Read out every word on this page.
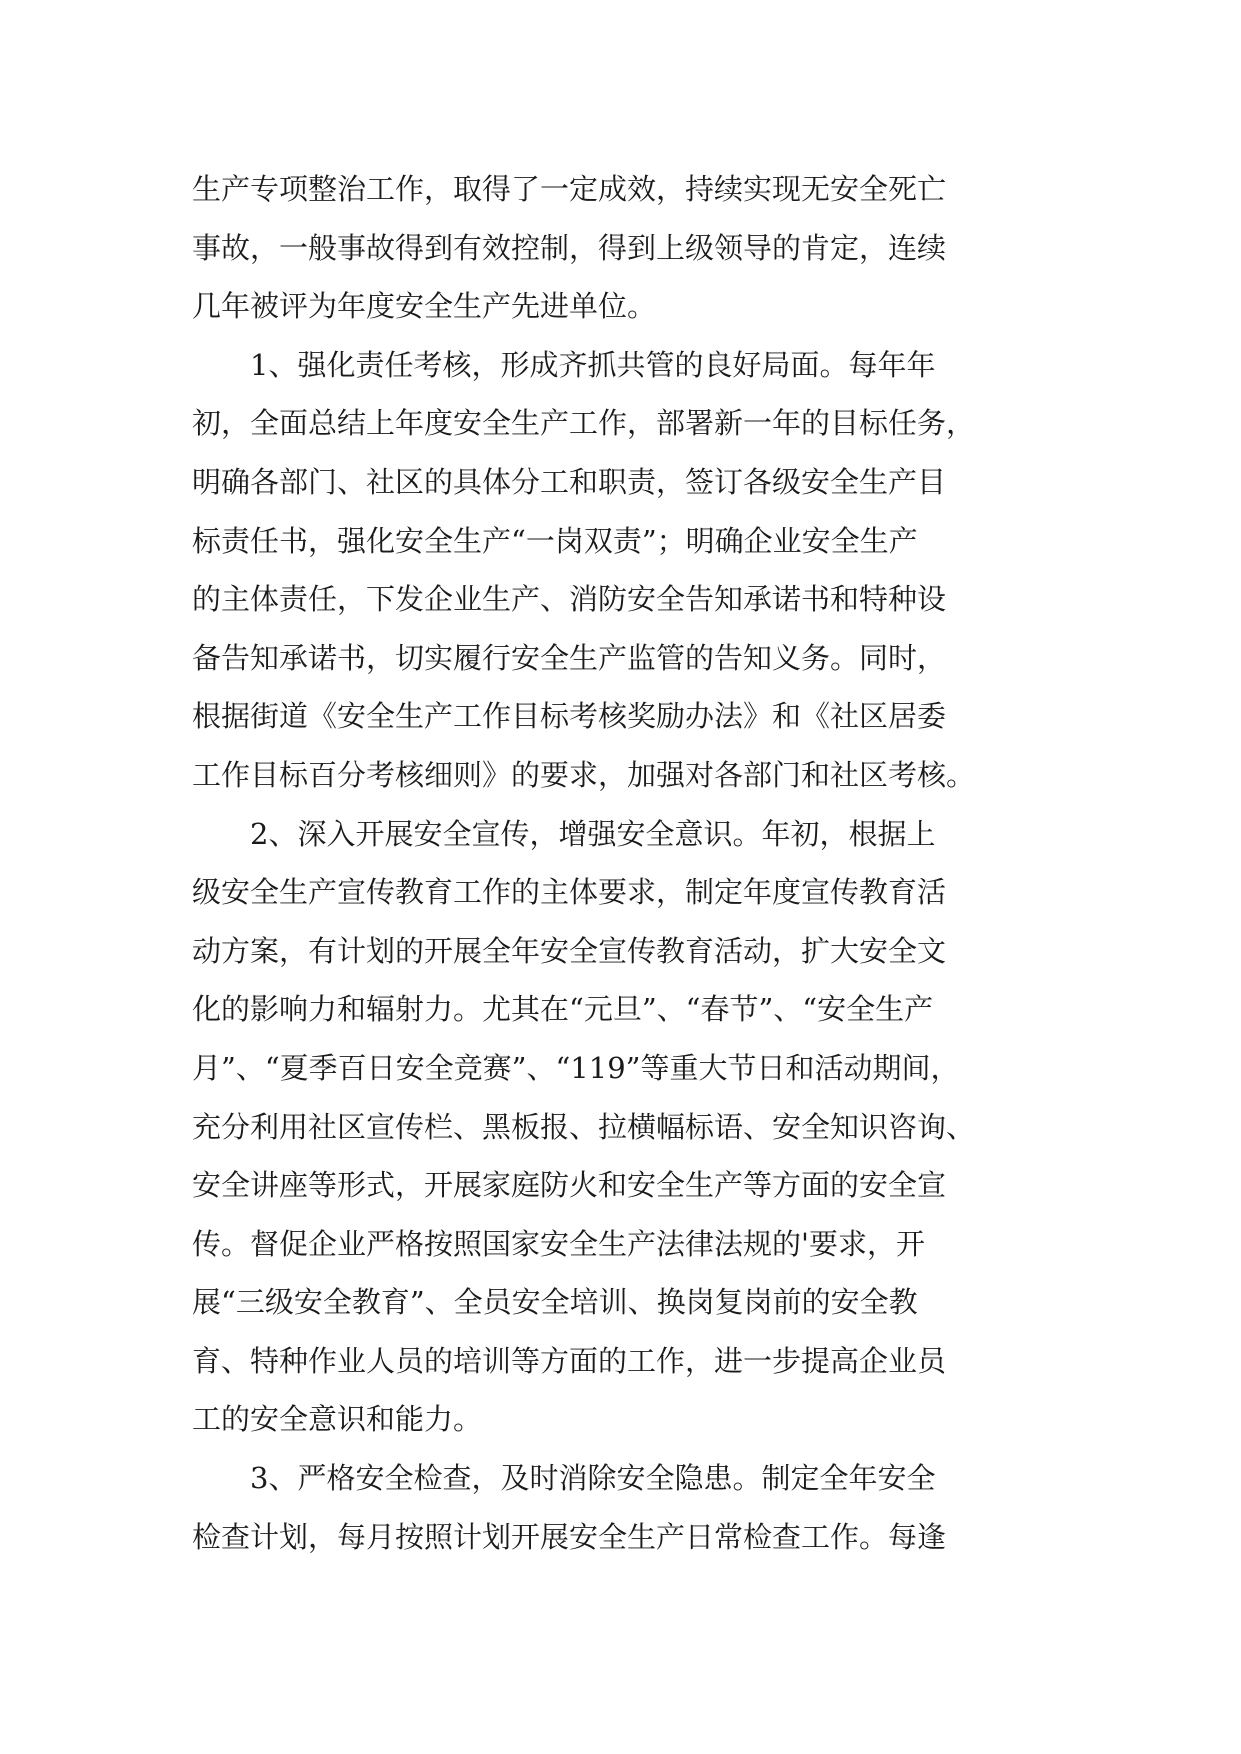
生产专项整治工作，取得了一定成效，持续实现无安全死亡
事故，一般事故得到有效控制，得到上级领导的肯定，连续
几年被评为年度安全生产先进单位。
　　1、强化责任考核，形成齐抓共管的良好局面。每年年
初，全面总结上年度安全生产工作，部署新一年的目标任务，
明确各部门、社区的具体分工和职责，签订各级安全生产目
标责任书，强化安全生产“一岗双责”；明确企业安全生产
的主体责任，下发企业生产、消防安全告知承诺书和特种设
备告知承诺书，切实履行安全生产监管的告知义务。同时，
根据街道《安全生产工作目标考核奖励办法》和《社区居委
工作目标百分考核细则》的要求，加强对各部门和社区考核。
　　2、深入开展安全宣传，增强安全意识。年初，根据上
级安全生产宣传教育工作的主体要求，制定年度宣传教育活
动方案，有计划的开展全年安全宣传教育活动，扩大安全文
化的影响力和辐射力。尤其在“元旦”、“春节”、“安全生产
月”、“夏季百日安全竞赛”、“119”等重大节日和活动期间，
充分利用社区宣传栏、黑板报、拉横幅标语、安全知识咨询、
安全讲座等形式，开展家庭防火和安全生产等方面的安全宣
传。督促企业严格按照国家安全生产法律法规的'要求，开
展“三级安全教育”、全员安全培训、换岗复岗前的安全教
育、特种作业人员的培训等方面的工作，进一步提高企业员
工的安全意识和能力。
　　3、严格安全检查，及时消除安全隐患。制定全年安全
检查计划，每月按照计划开展安全生产日常检查工作。每逢
